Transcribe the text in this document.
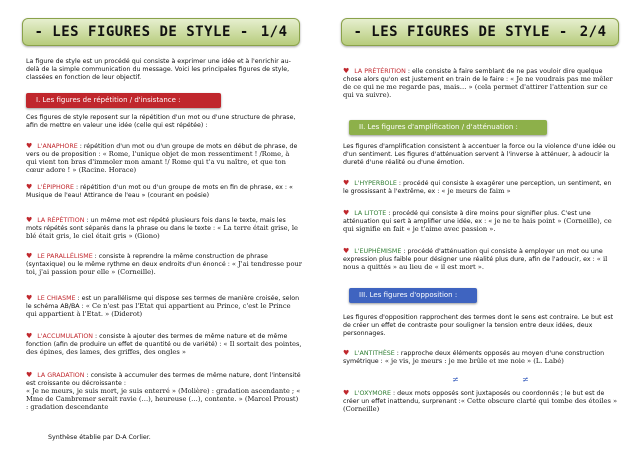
- LES FIGURES DE STYLE - 1/4
La figure de style est un procédé qui consiste à exprimer une idée et à l'enrichir au-delà de la simple communication du message. Voici les principales figures de style, classées en fonction de leur objectif.
I. Les figures de répétition / d'insistance :
Ces figures de style reposent sur la répétition d'un mot ou d'une structure de phrase, afin de mettre en valeur une idée (celle qui est répétée) :
♥ L'ANAPHORE : répétition d'un mot ou d'un groupe de mots en début de phrase, de vers ou de proposition : « Rome, l'unique objet de mon ressentiment ! /Rome, à qui vient ton bras d'immoler mon amant !/ Rome qui t'a vu naître, et que ton cœur adore ! » (Racine. Horace)
♥ L'ÉPIPHORE : répétition d'un mot ou d'un groupe de mots en fin de phrase, ex : « Musique de l'eau! Attirance de l'eau » (courant en poésie)
♥ LA RÉPÉTITION : un même mot est répété plusieurs fois dans le texte, mais les mots répétés sont séparés dans la phrase ou dans le texte : « La terre était grise, le blé était gris, le ciel était gris » (Giono)
♥ LE PARALLÉLISME : consiste à reprendre la même construction de phrase (syntaxique) ou le même rythme en deux endroits d'un énoncé : « J'ai tendresse pour toi, j'ai passion pour elle » (Corneille).
♥ LE CHIASME : est un parallélisme qui dispose ses termes de manière croisée, selon le schéma AB/BA : « Ce n'est pas l'Etat qui appartient au Prince, c'est le Prince qui appartient à l'Etat. » (Diderot)
♥ L'ACCUMULATION : consiste à ajouter des termes de même nature et de même fonction (afin de produire un effet de quantité ou de variété) : « Il sortait des pointes, des épines, des lames, des griffes, des ongles »
♥ LA GRADATION : consiste à accumuler des termes de même nature, dont l'intensité est croissante ou décroissante :
« Je ne meurs, je suis mort, je suis enterré » (Molière) : gradation ascendante ; « Mme de Cambremer serait ravie (…), heureuse (…), contente. » (Marcel Proust) : gradation descendante
Synthèse établie par D-A Corlier.
- LES FIGURES DE STYLE - 2/4
♥ LA PRÉTÉRITION : elle consiste à faire semblant de ne pas vouloir dire quelque chose alors qu'on est justement en train de le faire : « Je ne voudrais pas me mêler de ce qui ne me regarde pas, mais… » (cela permet d'attirer l'attention sur ce qui va suivre).
II. Les figures d'amplification / d'atténuation :
Les figures d'amplification consistent à accentuer la force ou la violence d'une idée ou d'un sentiment. Les figures d'atténuation servent à l'inverse à atténuer, à adoucir la dureté d'une réalité ou d'une émotion.
♥ L'HYPERBOLE : procédé qui consiste à exagérer une perception, un sentiment, en le grossissant à l'extrême, ex : « je meurs de faim »
♥ LA LITOTE : procédé qui consiste à dire moins pour signifier plus. C'est une atténuation qui sert à amplifier une idée, ex : « je ne te hais point » (Corneille), ce qui signifie en fait « je t'aime avec passion ».
♥ L'EUPHÉMISME : procédé d'atténuation qui consiste à employer un mot ou une expression plus faible pour désigner une réalité plus dure, afin de l'adoucir, ex : « il nous a quittés » au lieu de « il est mort ».
III. Les figures d'opposition :
Les figures d'opposition rapprochent des termes dont le sens est contraire. Le but est de créer un effet de contraste pour souligner la tension entre deux idées, deux personnages.
♥ L'ANTITHÈSE : rapproche deux éléments opposés au moyen d'une construction symétrique : « je vis, je meurs : je me brûle et me noie » (L. Labé)
≠	≠
♥ L'OXYMORE : deux mots opposés sont juxtaposés ou coordonnés ; le but est de créer un effet inattendu, surprenant :« Cette obscure clarté qui tombe des étoiles » (Corneille)
